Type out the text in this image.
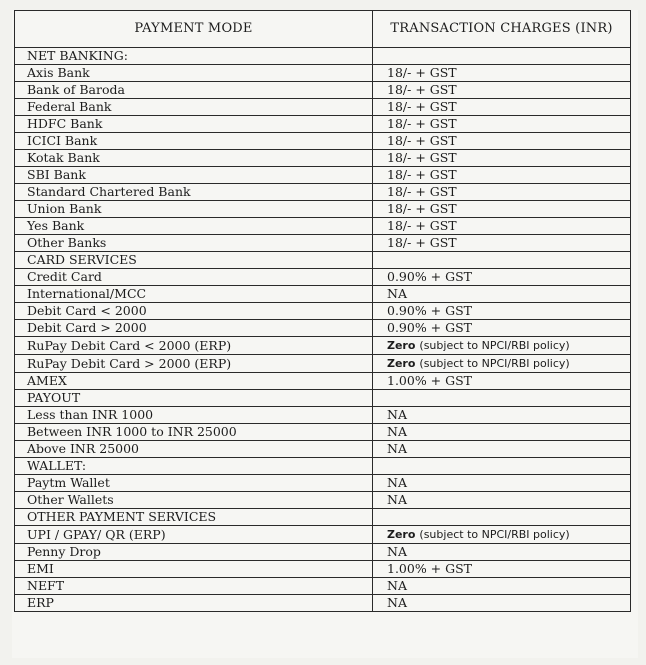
PAYMENT MODE	TRANSACTION CHARGES (INR)
NET BANKING:	
Axis Bank	18/- + GST
Bank of Baroda	18/- + GST
Federal Bank	18/- + GST
HDFC Bank	18/- + GST
ICICI Bank	18/- + GST
Kotak Bank	18/- + GST
SBI Bank	18/- + GST
Standard Chartered Bank	18/- + GST
Union Bank	18/- + GST
Yes Bank	18/- + GST
Other Banks	18/- + GST
CARD SERVICES	
Credit Card	0.90% + GST
International/MCC	NA
Debit Card < 2000	0.90% + GST
Debit Card > 2000	0.90% + GST
RuPay Debit Card < 2000 (ERP)	Zero (subject to NPCI/RBI policy)
RuPay Debit Card > 2000 (ERP)	Zero (subject to NPCI/RBI policy)
AMEX	1.00% + GST
PAYOUT	
Less than INR 1000	NA
Between INR 1000 to INR 25000	NA
Above INR 25000	NA
WALLET:	
Paytm Wallet	NA
Other Wallets	NA
OTHER PAYMENT SERVICES	
UPI / GPAY/ QR (ERP)	Zero (subject to NPCI/RBI policy)
Penny Drop	NA
EMI	1.00% + GST
NEFT	NA
ERP	NA
